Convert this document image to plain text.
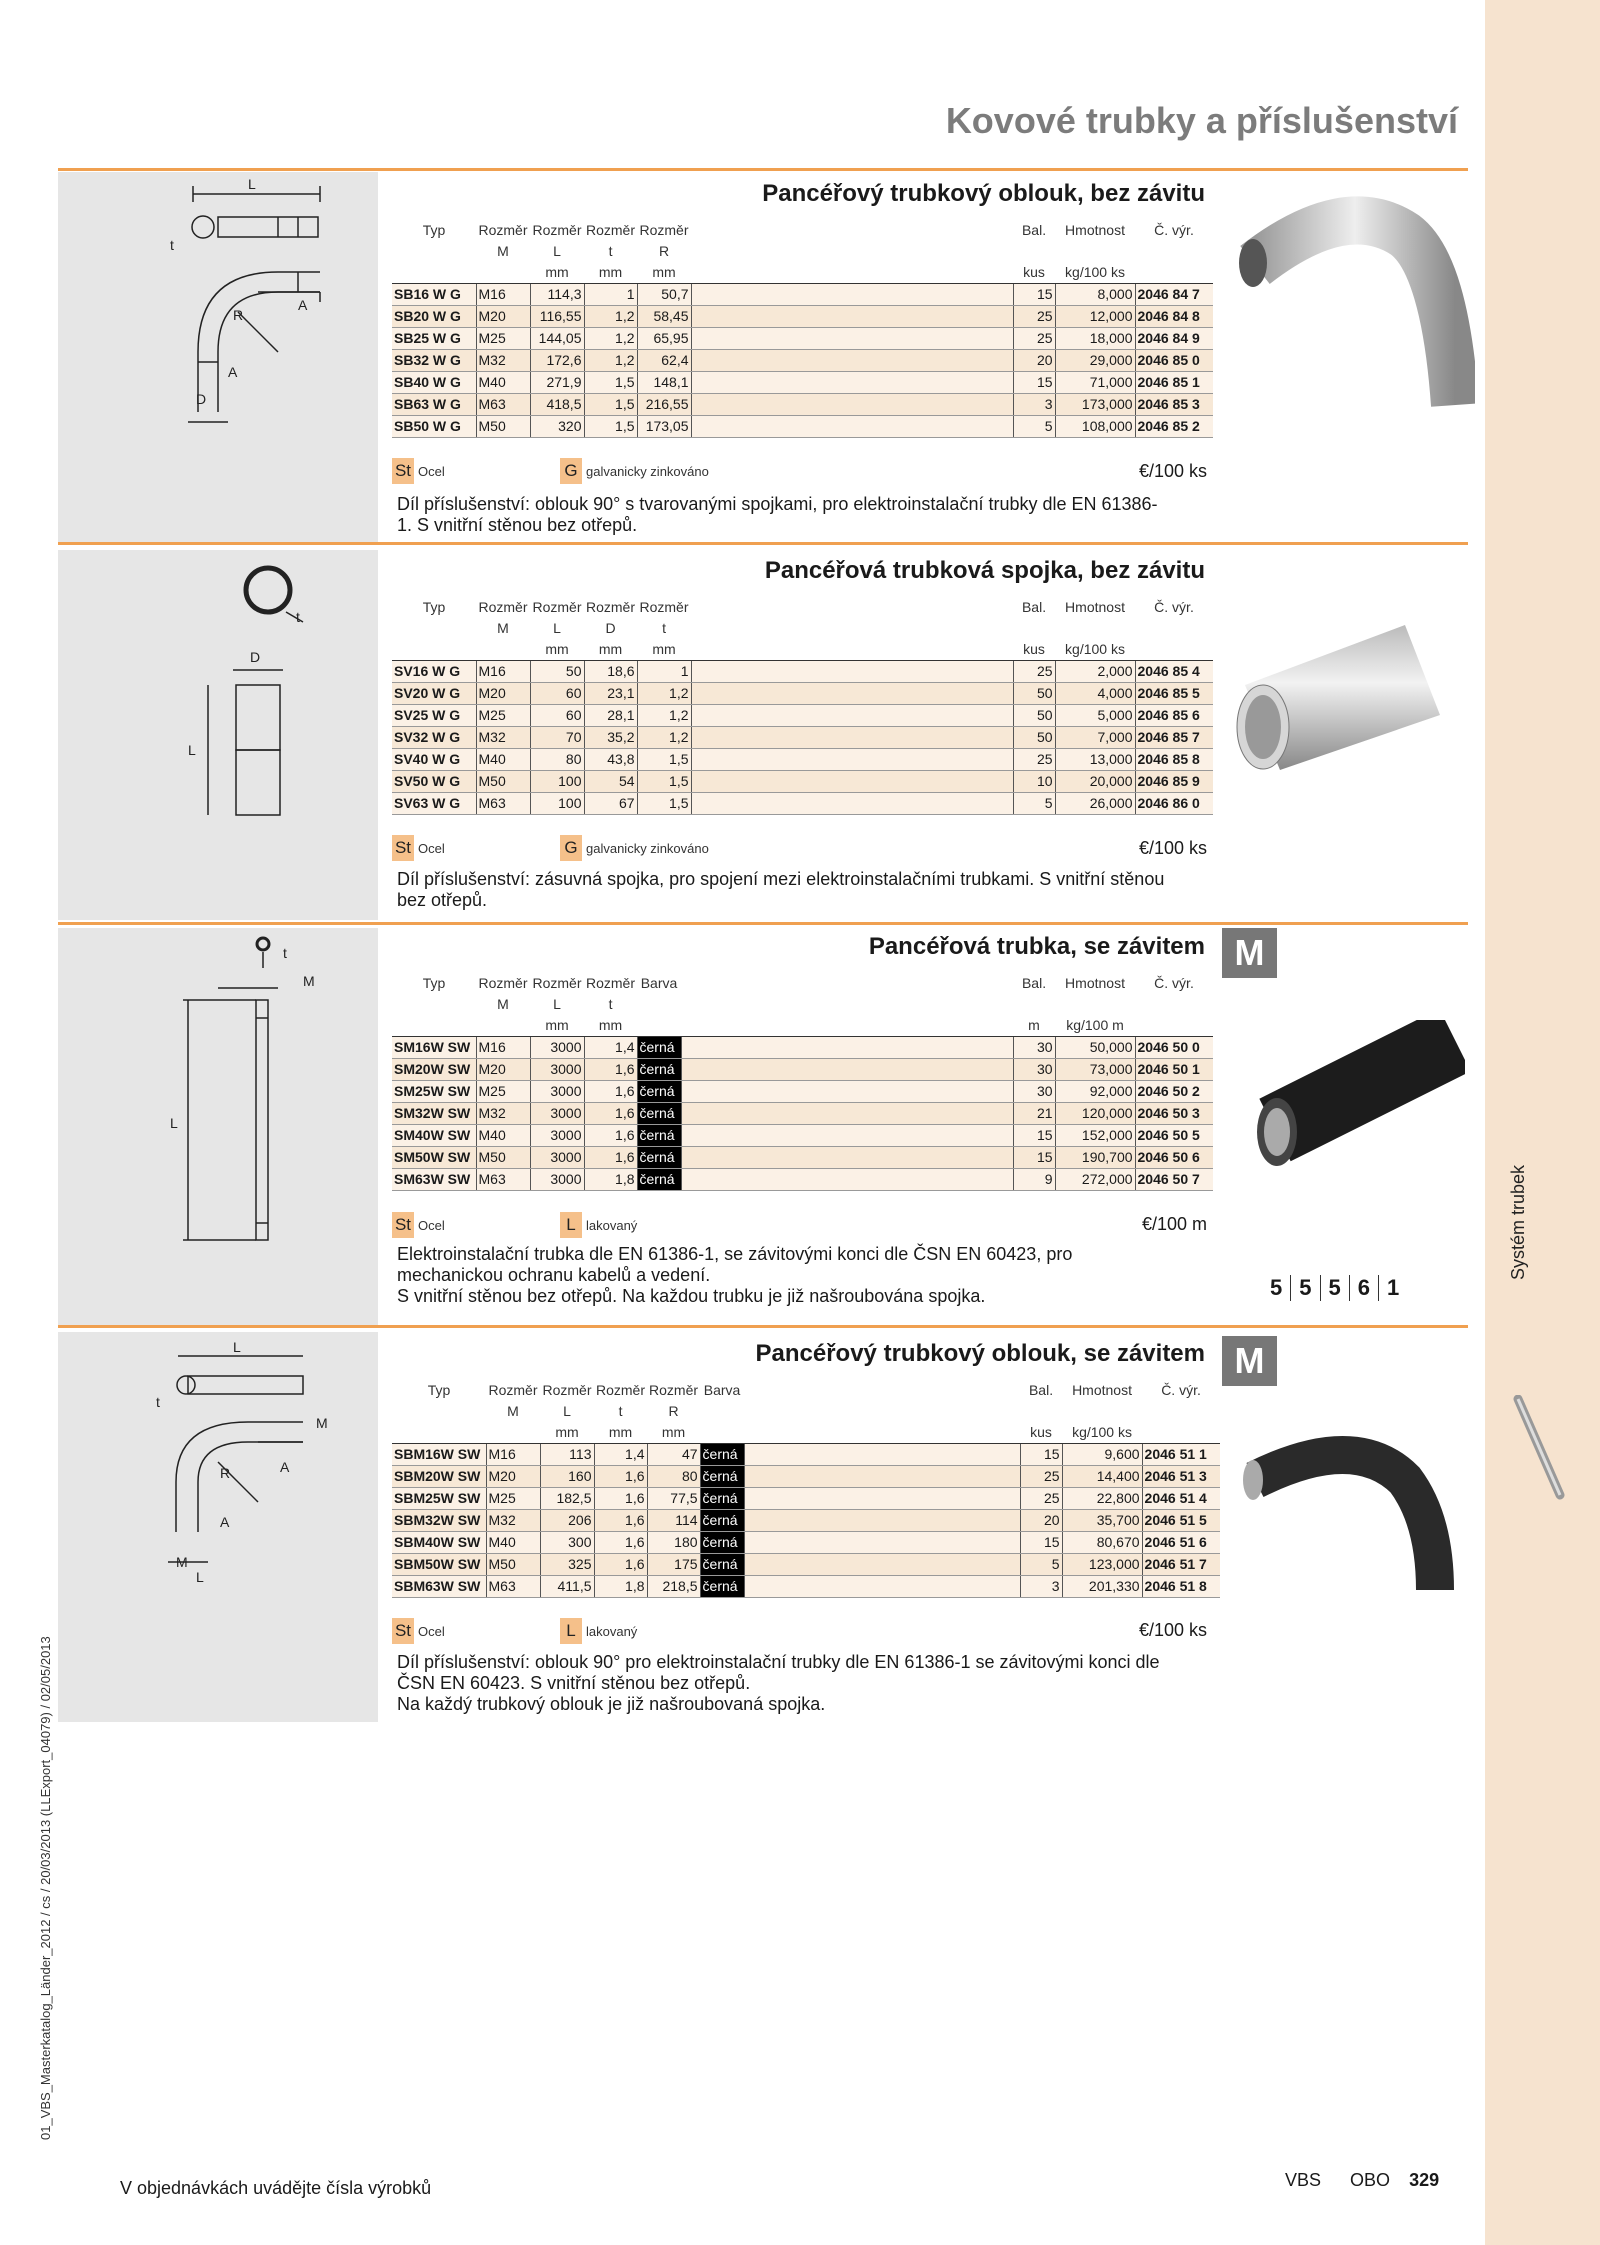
Systém trubek
Kovové trubky a příslušenství
L
t
A
R
A
D
Pancéřový trubkový oblouk, bez závitu
Typ	Rozměr	Rozměr	Rozměr	Rozměr		Bal.	Hmotnost	Č. výr.
	M	L	t	R				
		mm	mm	mm		kus	kg/100 ks	
SB16 W G	M16	114,3	1	50,7		15	8,000	2046 84 7
SB20 W G	M20	116,55	1,2	58,45		25	12,000	2046 84 8
SB25 W G	M25	144,05	1,2	65,95		25	18,000	2046 84 9
SB32 W G	M32	172,6	1,2	62,4		20	29,000	2046 85 0
SB40 W G	M40	271,9	1,5	148,1		15	71,000	2046 85 1
SB63 W G	M63	418,5	1,5	216,55		3	173,000	2046 85 3
SB50 W G	M50	320	1,5	173,05		5	108,000	2046 85 2
St Ocel	G galvanicky zinkováno	€/100 ks
Díl příslušenství: oblouk 90° s tvarovanými spojkami, pro elektroinstalační trubky dle EN 61386-
1. S vnitřní stěnou bez otřepů.
t
D
L
Pancéřová trubková spojka, bez závitu
Typ	Rozměr	Rozměr	Rozměr	Rozměr		Bal.	Hmotnost	Č. výr.
	M	L	D	t				
		mm	mm	mm		kus	kg/100 ks	
SV16 W G	M16	50	18,6	1		25	2,000	2046 85 4
SV20 W G	M20	60	23,1	1,2		50	4,000	2046 85 5
SV25 W G	M25	60	28,1	1,2		50	5,000	2046 85 6
SV32 W G	M32	70	35,2	1,2		50	7,000	2046 85 7
SV40 W G	M40	80	43,8	1,5		25	13,000	2046 85 8
SV50 W G	M50	100	54	1,5		10	20,000	2046 85 9
SV63 W G	M63	100	67	1,5		5	26,000	2046 86 0
St Ocel	G galvanicky zinkováno	€/100 ks
Díl příslušenství: zásuvná spojka, pro spojení mezi elektroinstalačními trubkami. S vnitřní stěnou
bez otřepů.
t
M
L
Pancéřová trubka, se závitem M
Typ	Rozměr	Rozměr	Rozměr	Barva		Bal.	Hmotnost	Č. výr.
	M	L	t					
		mm	mm			m	kg/100 m	
SM16W SW	M16	3000	1,4	černá		30	50,000	2046 50 0
SM20W SW	M20	3000	1,6	černá		30	73,000	2046 50 1
SM25W SW	M25	3000	1,6	černá		30	92,000	2046 50 2
SM32W SW	M32	3000	1,6	černá		21	120,000	2046 50 3
SM40W SW	M40	3000	1,6	černá		15	152,000	2046 50 5
SM50W SW	M50	3000	1,6	černá		15	190,700	2046 50 6
SM63W SW	M63	3000	1,8	černá		9	272,000	2046 50 7
St Ocel	L lakovaný	€/100 m
Elektroinstalační trubka dle EN 61386-1, se závitovými konci dle ČSN EN 60423, pro
mechanickou ochranu kabelů a vedení.
S vnitřní stěnou bez otřepů. Na každou trubku je již našroubována spojka.	5 5 5 6 1
L
t
M
A
R
A
M
L
Pancéřový trubkový oblouk, se závitem M
Typ	Rozměr	Rozměr	Rozměr	Rozměr	Barva		Bal.	Hmotnost	Č. výr.
	M	L	t	R					
		mm	mm	mm			kus	kg/100 ks	
SBM16W SW	M16	113	1,4	47	černá		15	9,600	2046 51 1
SBM20W SW	M20	160	1,6	80	černá		25	14,400	2046 51 3
SBM25W SW	M25	182,5	1,6	77,5	černá		25	22,800	2046 51 4
SBM32W SW	M32	206	1,6	114	černá		20	35,700	2046 51 5
SBM40W SW	M40	300	1,6	180	černá		15	80,670	2046 51 6
SBM50W SW	M50	325	1,6	175	černá		5	123,000	2046 51 7
SBM63W SW	M63	411,5	1,8	218,5	černá		3	201,330	2046 51 8
St Ocel	L lakovaný	€/100 ks
Díl příslušenství: oblouk 90° pro elektroinstalační trubky dle EN 61386-1 se závitovými konci dle
ČSN EN 60423. S vnitřní stěnou bez otřepů.
Na každý trubkový oblouk je již našroubovaná spojka.
V objednávkách uvádějte čísla výrobků	VBS OBO 329
01_VBS_Masterkatalog_Länder_2012 / cs / 20/03/2013 (LLExport_04079) / 02/05/2013
